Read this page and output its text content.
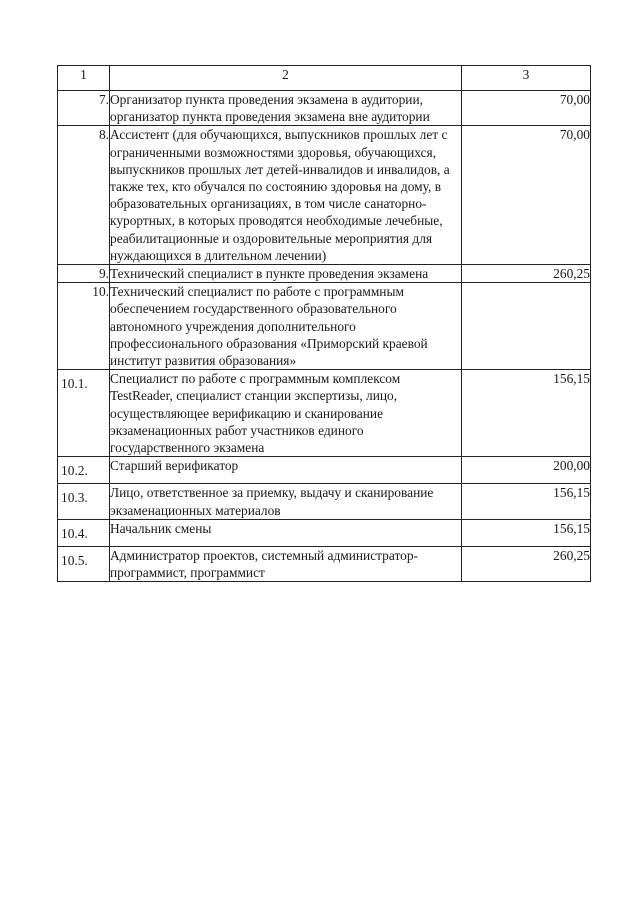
1	2	3
7.	Организатор пункта проведения экзамена в аудитории, организатор пункта проведения экзамена вне аудитории	70,00
8.	Ассистент (для обучающихся, выпускников прошлых лет с ограниченными возможностями здоровья, обучающихся, выпускников прошлых лет детей-инвалидов и инвалидов, а также тех, кто обучался по состоянию здоровья на дому, в образовательных организациях, в том числе санаторно-курортных, в которых проводятся необходимые лечебные, реабилитационные и оздоровительные мероприятия для нуждающихся в длительном лечении)	70,00
9.	Технический специалист в пункте проведения экзамена	260,25
10.	Технический специалист по работе с программным обеспечением государственного образовательного автономного учреждения дополнительного профессионального образования «Приморский краевой институт развития образования»	
10.1.	Специалист по работе с программным комплексом TestReader, специалист станции экспертизы, лицо, осуществляющее верификацию и сканирование экзаменационных работ участников единого государственного экзамена	156,15
10.2.	Старший верификатор	200,00
10.3.	Лицо, ответственное за приемку, выдачу и сканирование экзаменационных материалов	156,15
10.4.	Начальник смены	156,15
10.5.	Администратор проектов, системный администратор-программист, программист	260,25
